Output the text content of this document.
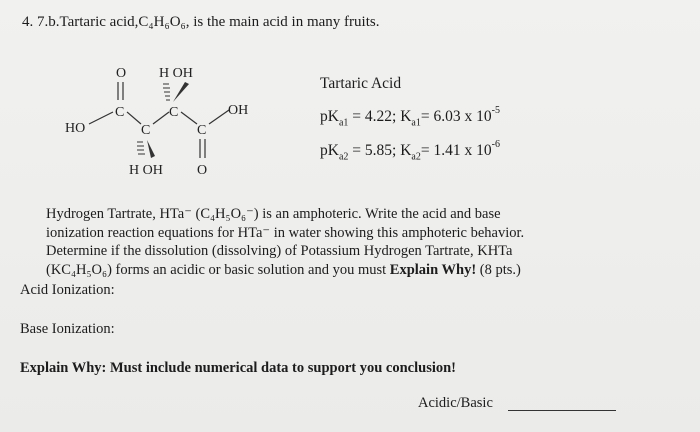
4. 7.b.Tartaric acid,C₄H₆O₆, is the main acid in many fruits.
O
C
HO	C
C
H OH
C
OH
O
H OH
Tartaric Acid
$pK_{a1} = 4.22$; $K_{a1}= 6.03$ x $10^{-5}$
$pK_{a2} = 5.85$; $K_{a2}= 1.41$ x $10^{-6}$
Hydrogen Tartrate, HTa⁻ (C₄H₅O₆⁻) is an amphoteric. Write the acid and base
ionization reaction equations for HTa⁻ in water showing this amphoteric behavior.
Determine if the dissolution (dissolving) of Potassium Hydrogen Tartrate, KHTa
(KC₄H₅O₆) forms an acidic or basic solution and you must Explain Why! (8 pts.)
Acid Ionization:
Base Ionization:
Explain Why: Must include numerical data to support you conclusion!
Acidic/Basic
